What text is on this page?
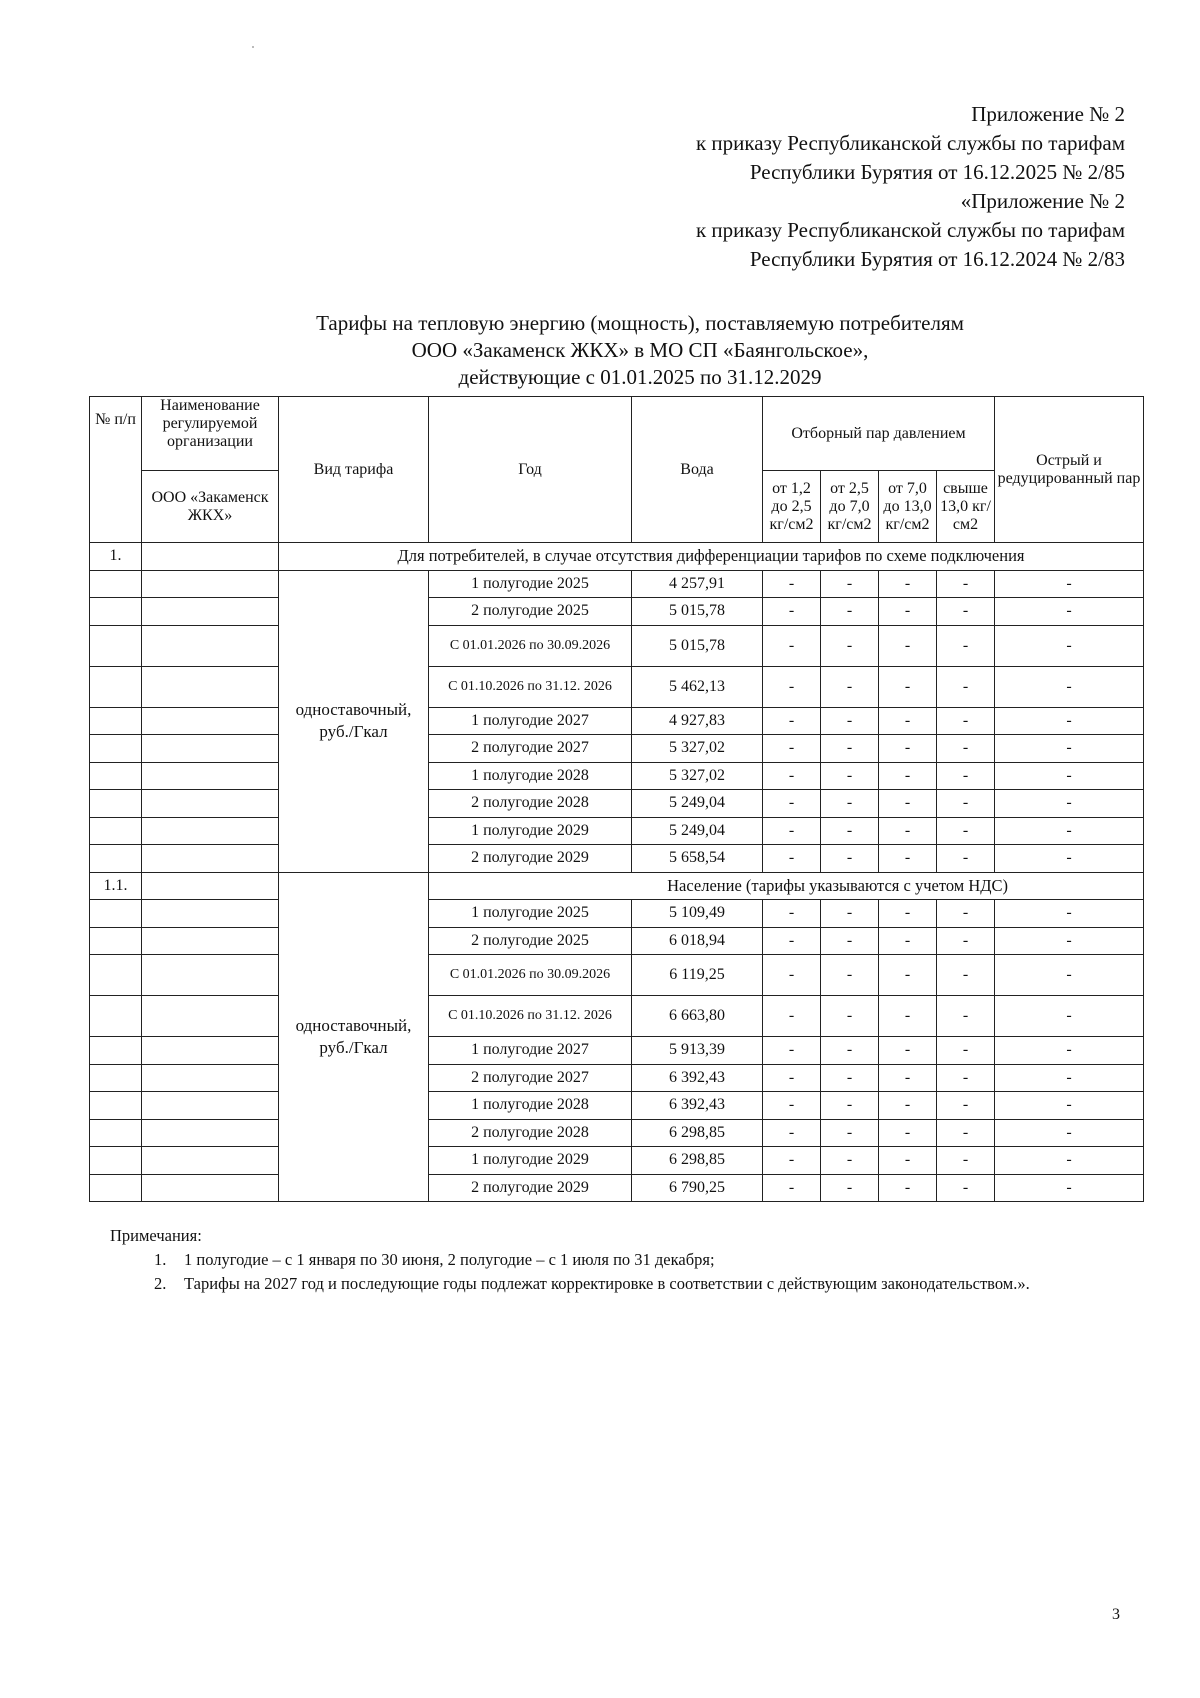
Приложение № 2
к приказу Республиканской службы по тарифам
Республики Бурятия от 16.12.2025 № 2/85
«Приложение № 2
к приказу Республиканской службы по тарифам
Республики Бурятия от 16.12.2024 № 2/83
Тарифы на тепловую энергию (мощность), поставляемую потребителям
ООО «Закаменск ЖКХ» в МО СП «Баянгольское»,
действующие с 01.01.2025 по 31.12.2029
№ п/п	Наименование регулируемой организации	Вид тарифа	Год	Вода	Отборный пар давлением				Острый и редуцированный пар
	ООО «Закаменск ЖКХ»				от 1,2 до 2,5 кг/см2	от 2,5 до 7,0 кг/см2	от 7,0 до 13,0 кг/см2	свыше 13,0 кг/см2	
1.		Для потребителей, в случае отсутствия дифференциации тарифов по схеме подключения							
		одноставочный, руб./Гкал	1 полугодие 2025	4 257,91	-	-	-	-	-
			2 полугодие 2025	5 015,78	-	-	-	-	-
			С 01.01.2026 по 30.09.2026	5 015,78	-	-	-	-	-
			С 01.10.2026 по 31.12. 2026	5 462,13	-	-	-	-	-
			1 полугодие 2027	4 927,83	-	-	-	-	-
			2 полугодие 2027	5 327,02	-	-	-	-	-
			1 полугодие 2028	5 327,02	-	-	-	-	-
			2 полугодие 2028	5 249,04	-	-	-	-	-
			1 полугодие 2029	5 249,04	-	-	-	-	-
			2 полугодие 2029	5 658,54	-	-	-	-	-
1.1.		одноставочный, руб./Гкал	Население (тарифы указываются с учетом НДС)						
			1 полугодие 2025	5 109,49	-	-	-	-	-
			2 полугодие 2025	6 018,94	-	-	-	-	-
			С 01.01.2026 по 30.09.2026	6 119,25	-	-	-	-	-
			С 01.10.2026 по 31.12. 2026	6 663,80	-	-	-	-	-
			1 полугодие 2027	5 913,39	-	-	-	-	-
			2 полугодие 2027	6 392,43	-	-	-	-	-
			1 полугодие 2028	6 392,43	-	-	-	-	-
			2 полугодие 2028	6 298,85	-	-	-	-	-
			1 полугодие 2029	6 298,85	-	-	-	-	-
			2 полугодие 2029	6 790,25	-	-	-	-	-
Примечания:
1.	1 полугодие – с 1 января по 30 июня, 2 полугодие – с 1 июля по 31 декабря;
2.	Тарифы на 2027 год и последующие годы подлежат корректировке в соответствии с действующим законодательством.».
3
